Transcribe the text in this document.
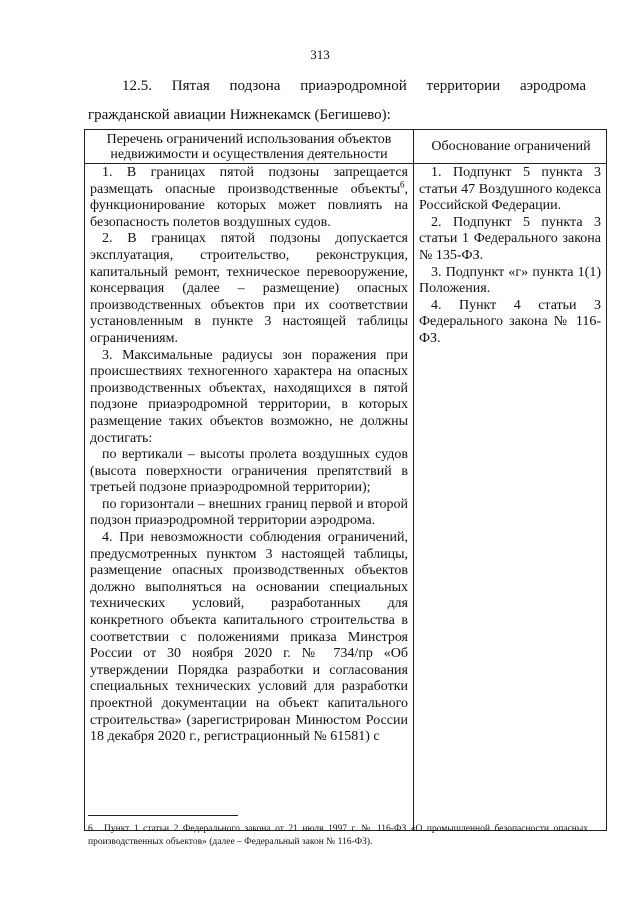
313
12.5. Пятая подзона приаэродромной территории аэродрома
гражданской авиации Нижнекамск (Бегишево):
Перечень ограничений использования объектов недвижимости и осуществления деятельности	Обоснование ограничений

1. В границах пятой подзоны запрещается размещать опасные производственные объекты$^6$, функционирование которых может повлиять на безопасность полетов воздушных судов.

2. В границах пятой подзоны допускается эксплуатация, строительство, реконструкция, капитальный ремонт, техническое перевооружение, консервация (далее – размещение) опасных производственных объектов при их соответствии установленным в пункте 3 настоящей таблицы ограничениям.

3. Максимальные радиусы зон поражения при происшествиях техногенного характера на опасных производственных объектах, находящихся в пятой подзоне приаэродромной территории, в которых размещение таких объектов возможно, не должны достигать:

по вертикали – высоты пролета воздушных судов (высота поверхности ограничения препятствий в третьей подзоне приаэродромной территории);

по горизонтали – внешних границ первой и второй подзон приаэродромной территории аэродрома.

4. При невозможности соблюдения ограничений, предусмотренных пунктом 3 настоящей таблицы, размещение опасных производственных объектов должно выполняться на основании специальных технических условий, разработанных для конкретного объекта капитального строительства в соответствии с положениями приказа Минстроя России от 30 ноября 2020 г. № 734/пр «Об утверждении Порядка разработки и согласования специальных технических условий для разработки проектной документации на объект капитального строительства» (зарегистрирован Минюстом России 18 декабря 2020 г., регистрационный № 61581) с

1. Подпункт 5 пункта 3 статьи 47 Воздушного кодекса Российской Федерации.

2. Подпункт 5 пункта 3 статьи 1 Федерального закона № 135-ФЗ.

3. Подпункт «г» пункта 1(1) Положения.

4. Пункт 4 статьи 3 Федерального закона № 116-ФЗ.

6 Пункт 1 статьи 2 Федерального закона от 21 июля 1997 г. № 116-ФЗ «О промышленной безопасности опасных производственных объектов» (далее – Федеральный закон № 116-ФЗ).
